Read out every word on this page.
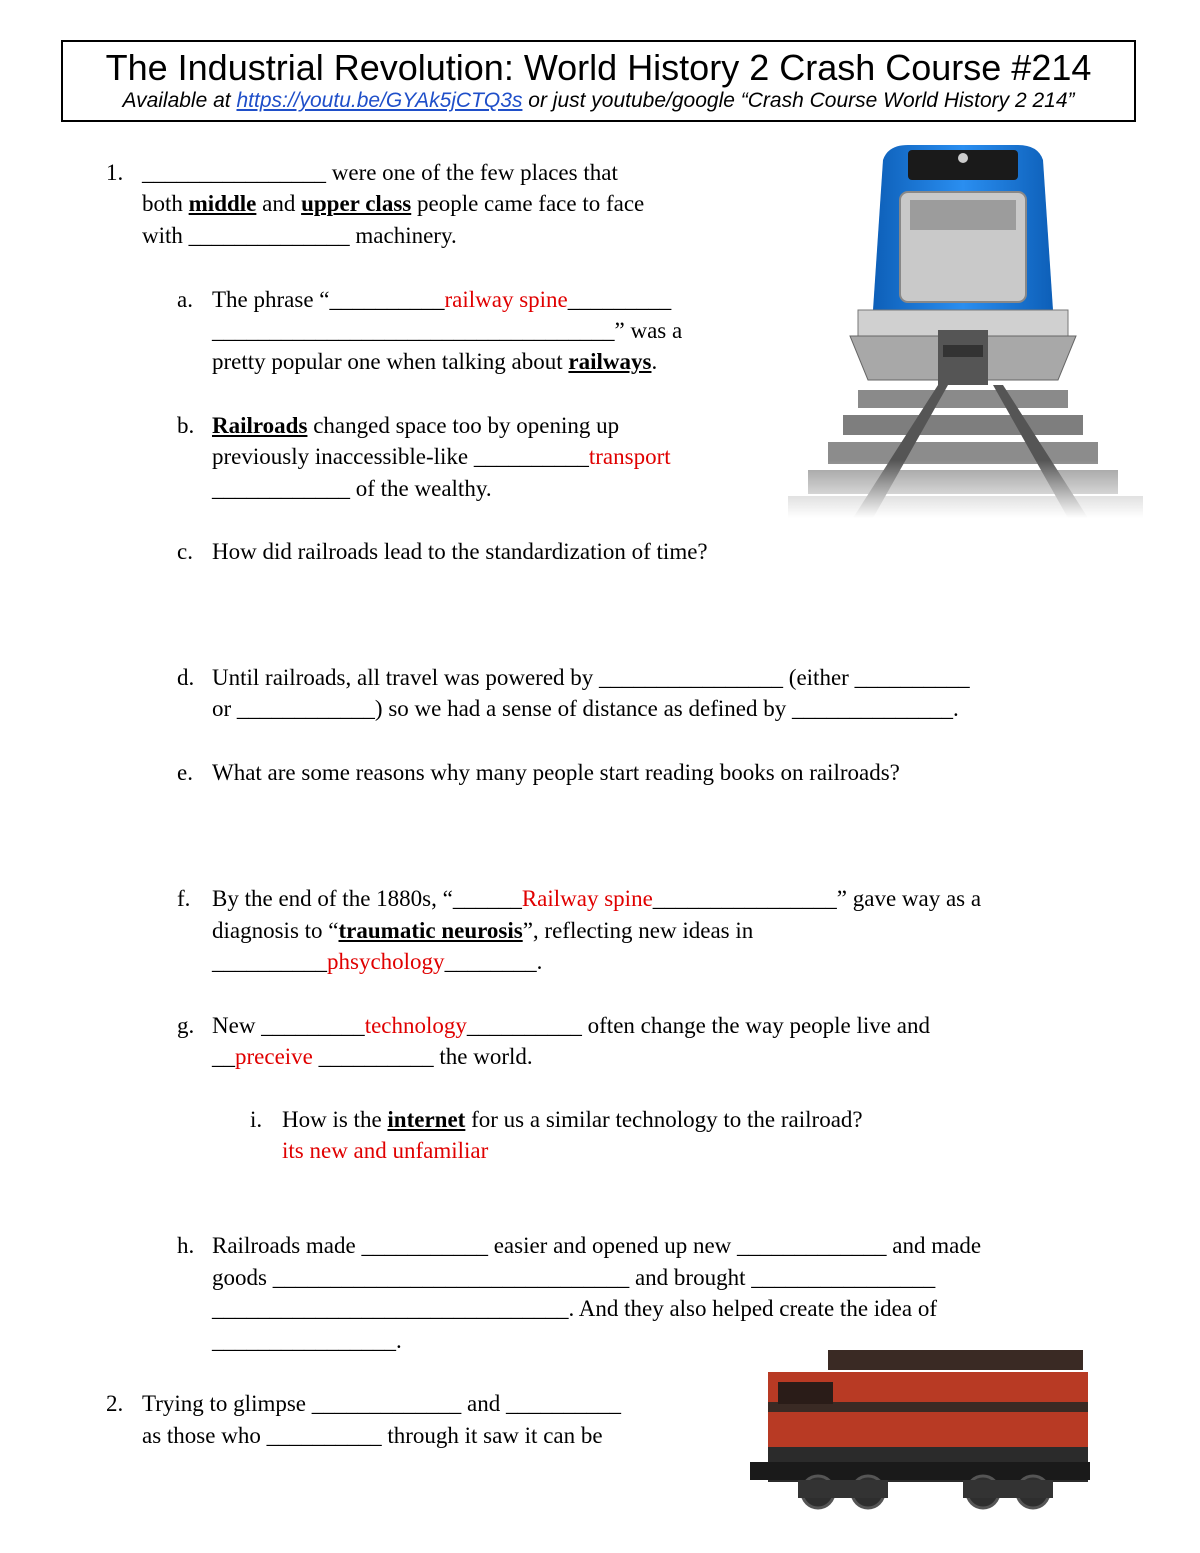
The Industrial Revolution: World History 2 Crash Course #214
Available at https://youtu.be/GYAk5jCTQ3s or just youtube/google “Crash Course World History 2 214”
1. ________________ were one of the few places that
both middle and upper class people came face to face
with ______________ machinery.
a. The phrase “__________railway spine_________
___________________________________” was a
pretty popular one when talking about railways.
b. Railroads changed space too by opening up
previously inaccessible-like __________transport
____________ of the wealthy.
c. How did railroads lead to the standardization of time?
d. Until railroads, all travel was powered by ________________ (either __________
or ____________) so we had a sense of distance as defined by ______________.
e. What are some reasons why many people start reading books on railroads?
f. By the end of the 1880s, “______Railway spine________________” gave way as a
diagnosis to “traumatic neurosis”, reflecting new ideas in
__________phsychology________.
g. New _________technology__________ often change the way people live and
__preceive __________ the world.
i. How is the internet for us a similar technology to the railroad?
its new and unfamiliar
h. Railroads made ___________ easier and opened up new _____________ and made
goods _______________________________ and brought ________________
_______________________________. And they also helped create the idea of
________________.
2. Trying to glimpse _____________ and __________
as those who __________ through it saw it can be
